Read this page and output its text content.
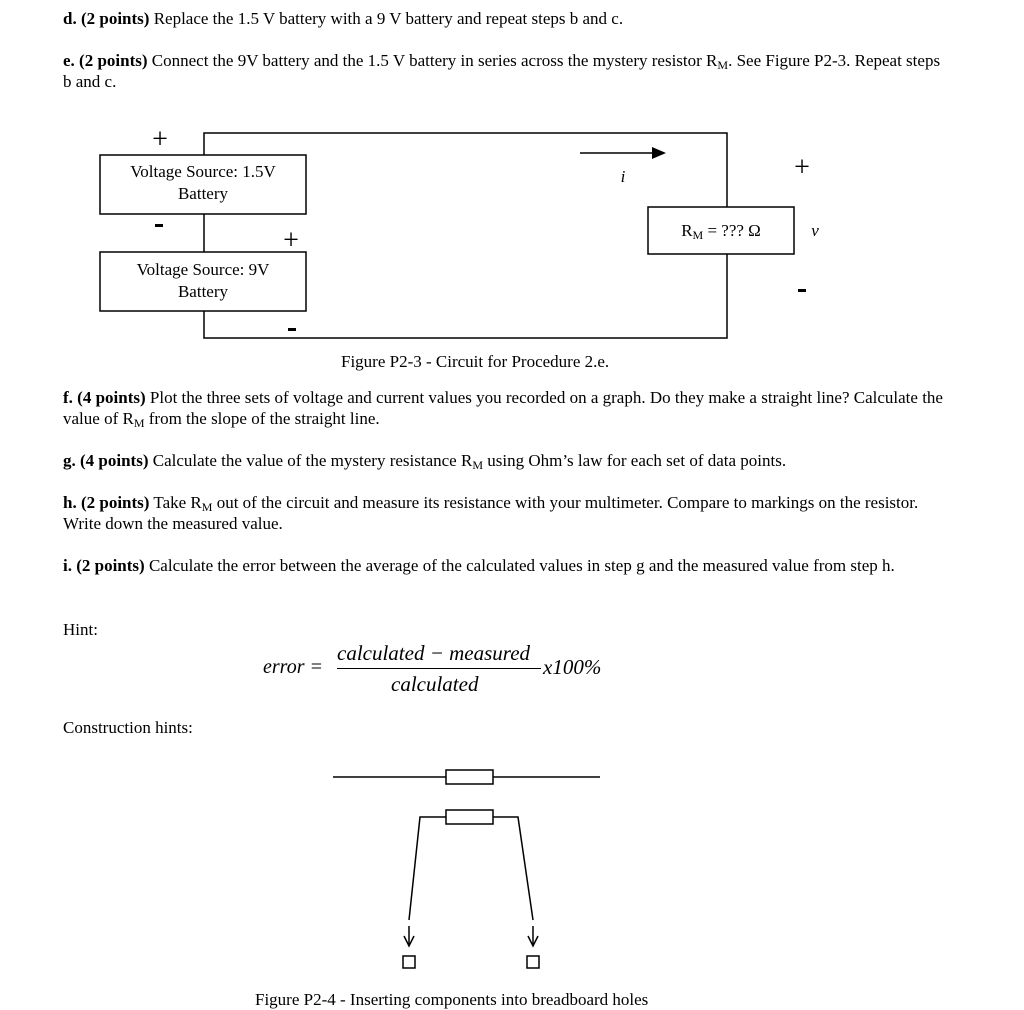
d. (2 points) Replace the 1.5 V battery with a 9 V battery and repeat steps b and c.

e. (2 points) Connect the 9V battery and the 1.5 V battery in series across the mystery resistor $R_M$. See Figure P2-3. Repeat steps b and c.

+
Voltage Source: 1.5V
Battery
+
Voltage Source: 9V
Battery
i	+
RM = ??? Ω	v
Figure P2-3 - Circuit for Procedure 2.e.

f. (4 points) Plot the three sets of voltage and current values you recorded on a graph. Do they make a straight line? Calculate the value of $R_M$ from the slope of the straight line.

g. (4 points) Calculate the value of the mystery resistance $R_M$ using Ohm’s law for each set of data points.

h. (2 points) Take $R_M$ out of the circuit and measure its resistance with your multimeter. Compare to markings on the resistor. Write down the measured value.

i. (2 points) Calculate the error between the average of the calculated values in step g and the measured value from step h.

Hint:
error =
calculated − measured
calculated
x100%
Construction hints:
Figure P2-4 - Inserting components into breadboard holes
